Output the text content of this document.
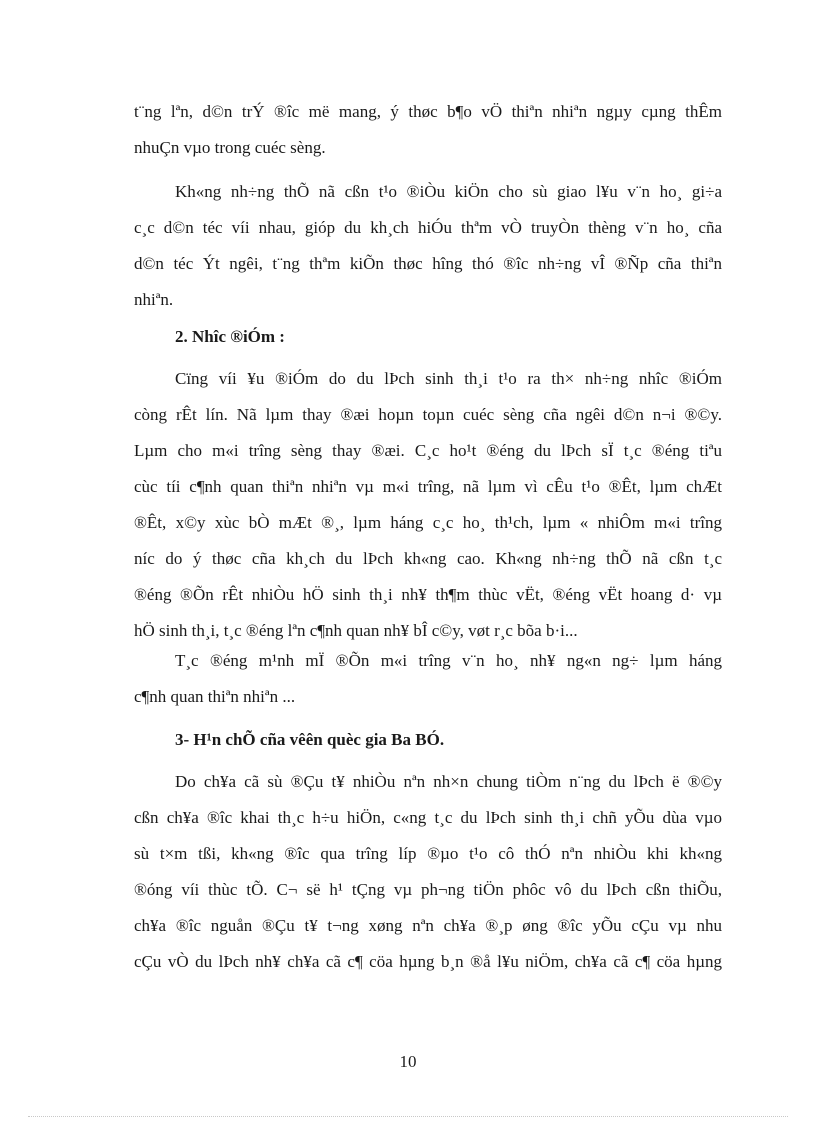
t¨ng lªn, d©n trÝ ®îc më mang, ý thøc b¶o vÖ thiªn nhiªn ngµy cµng thÊm
nhuÇn vµo trong cuéc sèng.

Kh«ng nh÷ng thÕ nã cßn t¹o ®iÒu kiÖn cho sù giao l¥u v¨n ho¸ gi÷a
c¸c d©n téc víi nhau, gióp du kh¸ch hiÓu thªm vÒ truyÒn thèng v¨n ho¸ cña
d©n téc Ýt ngêi, t¨ng thªm kiÕn thøc hîng thó ®îc nh÷ng vÎ ®Ñp cña thiªn
nhiªn.

2. Nhîc ®iÓm :

Cïng víi ¥u ®iÓm do du lÞch sinh th¸i t¹o ra th× nh÷ng nhîc ®iÓm
còng rÊt lín. Nã lµm thay ®æi hoµn toµn cuéc sèng cña ngêi d©n n¬i ®©y.
Lµm cho m«i trîng sèng thay ®æi. C¸c ho¹t ®éng du lÞch sÏ t¸c ®éng tiªu
cùc tíi c¶nh quan thiªn nhiªn vµ m«i trîng, nã lµm vì cÊu t¹o ®Êt, lµm chÆt
®Êt, x©y xùc bÒ mÆt ®¸, lµm háng c¸c ho¸ th¹ch, lµm « nhiÔm m«i trîng
níc do ý thøc cña kh¸ch du lÞch kh«ng cao. Kh«ng nh÷ng thÕ nã cßn t¸c
®éng ®Õn rÊt nhiÒu hÖ sinh th¸i nh¥ th¶m thùc vËt, ®éng vËt hoang d· vµ
hÖ sinh th¸i, t¸c ®éng lªn c¶nh quan nh¥ bÎ c©y, vøt r¸c bõa b·i...

T¸c ®éng m¹nh mÏ ®Õn m«i trîng v¨n ho¸ nh¥ ng«n ng÷ lµm háng
c¶nh quan thiªn nhiªn ...

3- H¹n chÕ cña vêên quèc gia Ba BÓ.

Do ch¥a cã sù ®Çu t¥ nhiÒu nªn nh×n chung tiÒm n¨ng du lÞch ë ®©y
cßn ch¥a ®îc khai th¸c h÷u hiÖn, c«ng t¸c du lÞch sinh th¸i chñ yÕu dùa vµo
sù t×m tßi, kh«ng ®îc qua trîng líp ®µo t¹o cô thÓ nªn nhiÒu khi kh«ng
®óng víi thùc tÕ. C¬ së h¹ tÇng vµ ph¬ng tiÖn phôc vô du lÞch cßn thiÕu,
ch¥a ®îc nguån ®Çu t¥ t¬ng xøng nªn ch¥a ®¸p øng ®îc yÕu cÇu vµ nhu
cÇu vÒ du lÞch nh¥ ch¥a cã c¶ cöa hµng b¸n ®å l¥u niÖm, ch¥a cã c¶ cöa hµng

10
